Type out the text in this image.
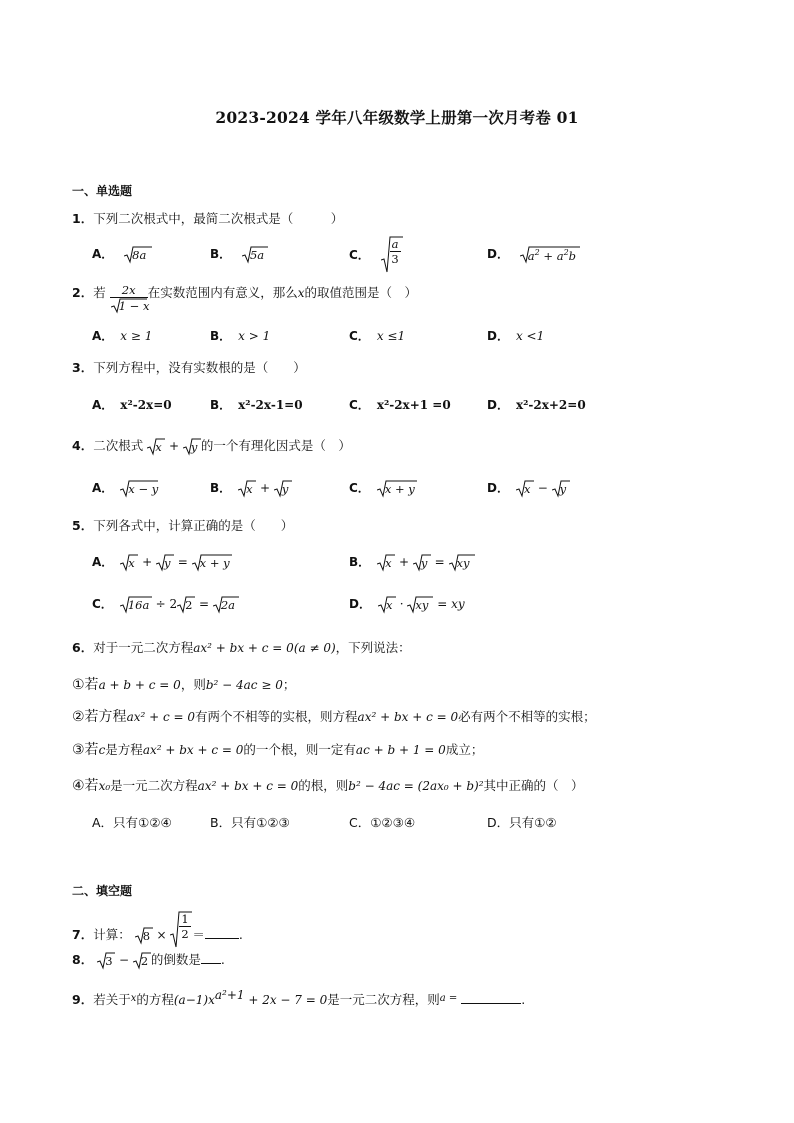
2023-2024 学年八年级数学上册第一次月考卷 01
一、单选题
1．下列二次根式中，最简二次根式是（　　　）
A． 8a	B． 5a	C． $\frac{a}{3}$	D． $a^2 + a^2b$
2．若 $\frac{2x}{1 - x}$ 在实数范围内有意义，那么x的取值范围是（　）
A． x ≥ 1	B． x > 1	C． x ≤1	D． x <1
3．下列方程中，没有实数根的是（　　）
A． x²-2x=0	B． x²-2x-1=0	C． x²-2x+1 =0	D． x²-2x+2=0
4．二次根式 x + y 的一个有理化因式是（　）
A． x − y	B． x + y	C． x + y	D． x − y
5．下列各式中，计算正确的是（　　）
A． x + y = x + y	B． x + y = xy
C． 16a ÷ 2 2 = 2a	D． x · xy = xy
6．对于一元二次方程ax² + bx + c = 0(a ≠ 0)，下列说法：
①若a + b + c = 0，则b² − 4ac ≥ 0；
②若方程ax² + c = 0有两个不相等的实根，则方程ax² + bx + c = 0必有两个不相等的实根；
③若c是方程ax² + bx + c = 0的一个根，则一定有ac + b + 1 = 0成立；
④若x₀是一元二次方程ax² + bx + c = 0的根，则b² − 4ac = (2ax₀ + b)²其中正确的（　）
A．只有①②④	B．只有①②③	C．①②③④	D．只有①②
二、填空题
7．计算： $8 \times \frac{1}{2}$ ＝	.
8． 3 − 2 的倒数是 .
9．若关于$^x$的方程$(a-1)x^{a^2+1} + 2x - 7 = 0$是一元二次方程，则$^{a =}$	.
